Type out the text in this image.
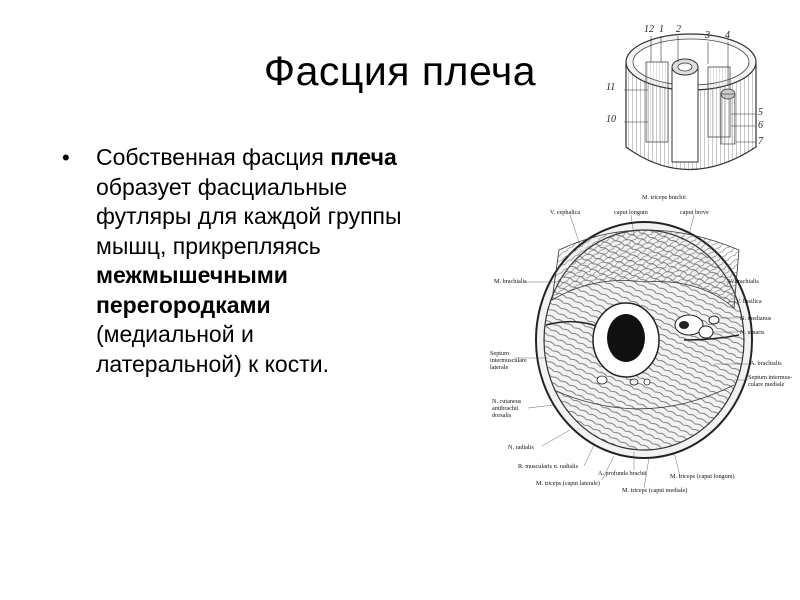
Фасция плеча
• Собственная фасция плеча образует фасциальные футляры для каждой группы мышц, прикрепляясь межмышечными перегородками (медиальной и латеральной) к кости.
12 1 2
3 4
11
5
6
10
7
M. triceps brachii
caput longum	caput breve
V. cephalica
M. brachialis	V. brachialis
V. basilica
N. medianus
N. ulnaris
Septum
intermusculare
laterale
A. brachialis
Septum intermus-
culare mediale
N. cutaneus
antibrachii
dorsalis
N. radialis
R. muscularis n. radialis
A. profunda brachii	M. triceps (caput longum)
M. triceps (caput laterale)
M. triceps (caput mediale)
